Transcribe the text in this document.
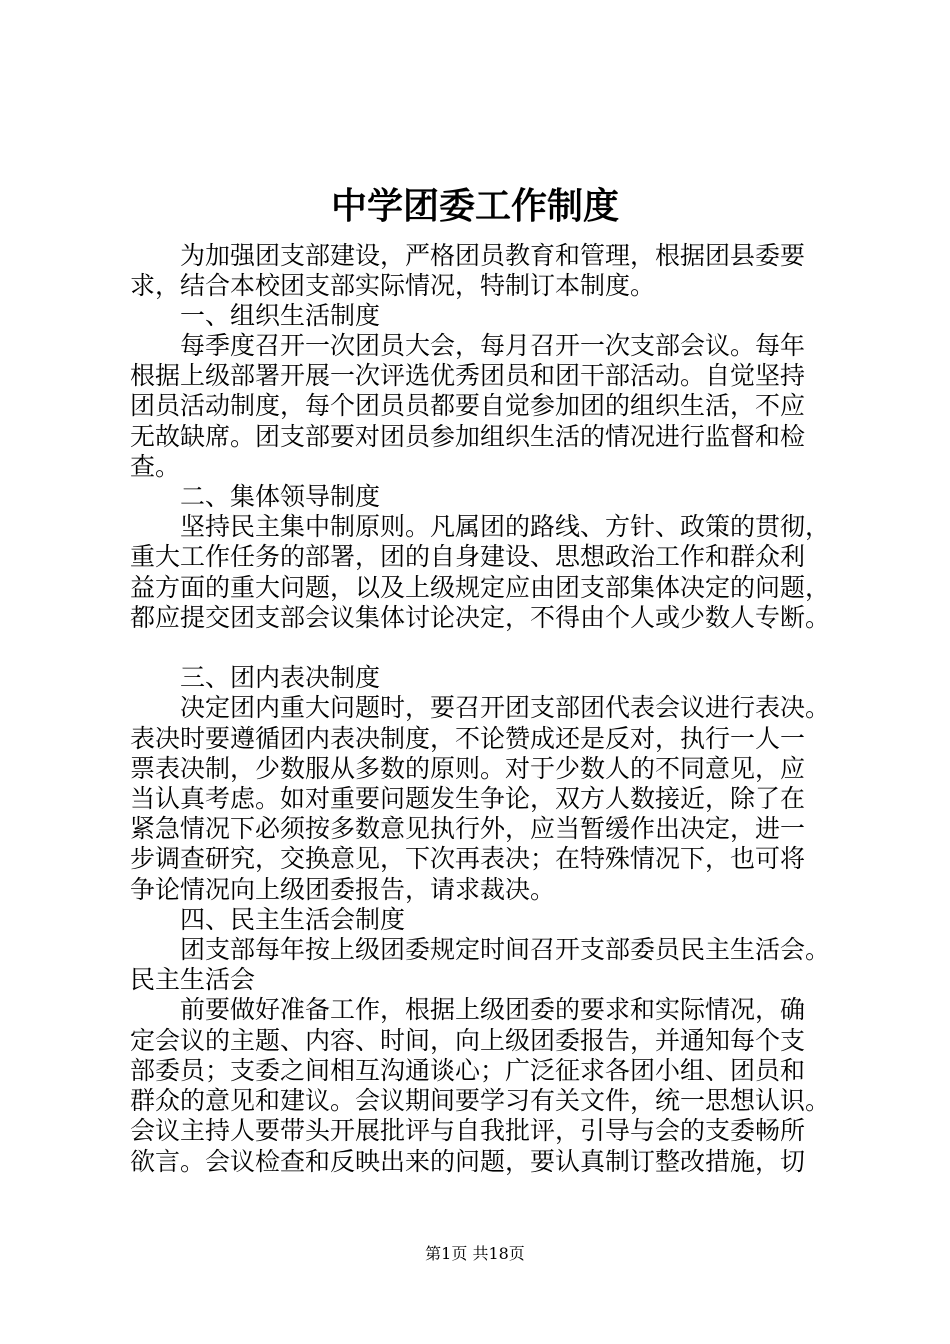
中学团委工作制度

为加强团支部建设，严格团员教育和管理，根据团县委要

求，结合本校团支部实际情况，特制订本制度。

一、组织生活制度

每季度召开一次团员大会，每月召开一次支部会议。每年

根据上级部署开展一次评选优秀团员和团干部活动。自觉坚持

团员活动制度，每个团员员都要自觉参加团的组织生活，不应

无故缺席。团支部要对团员参加组织生活的情况进行监督和检

查。

二、集体领导制度

坚持民主集中制原则。凡属团的路线、方针、政策的贯彻，

重大工作任务的部署，团的自身建设、思想政治工作和群众利

益方面的重大问题，以及上级规定应由团支部集体决定的问题，

都应提交团支部会议集体讨论决定，不得由个人或少数人专断。

三、团内表决制度

决定团内重大问题时，要召开团支部团代表会议进行表决。

表决时要遵循团内表决制度，不论赞成还是反对，执行一人一

票表决制，少数服从多数的原则。对于少数人的不同意见，应

当认真考虑。如对重要问题发生争论，双方人数接近，除了在

紧急情况下必须按多数意见执行外，应当暂缓作出决定，进一

步调查研究，交换意见，下次再表决；在特殊情况下，也可将

争论情况向上级团委报告，请求裁决。

四、民主生活会制度

团支部每年按上级团委规定时间召开支部委员民主生活会。

民主生活会

前要做好准备工作，根据上级团委的要求和实际情况，确

定会议的主题、内容、时间，向上级团委报告，并通知每个支

部委员；支委之间相互沟通谈心；广泛征求各团小组、团员和

群众的意见和建议。会议期间要学习有关文件，统一思想认识。

会议主持人要带头开展批评与自我批评，引导与会的支委畅所

欲言。会议检查和反映出来的问题，要认真制订整改措施，切

第1页 共18页
